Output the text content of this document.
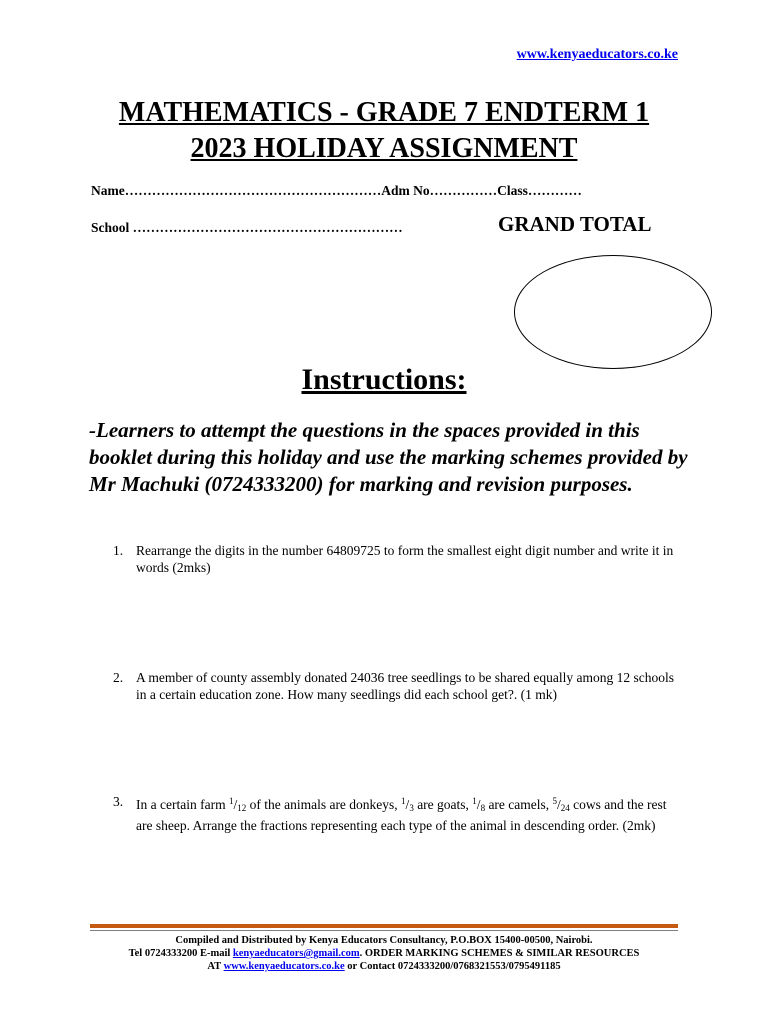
www.kenyaeducators.co.ke
MATHEMATICS - GRADE 7 ENDTERM 1
2023 HOLIDAY ASSIGNMENT
Name…………………………………………………Adm No……………Class…………
School ……………………………………………………	GRAND TOTAL
Instructions:
-Learners to attempt the questions in the spaces provided in this booklet during this holiday and use the marking schemes provided by Mr Machuki (0724333200) for marking and revision purposes.
1. Rearrange the digits in the number 64809725 to form the smallest eight digit number and write it in words (2mks)
2. A member of county assembly donated 24036 tree seedlings to be shared equally among 12 schools in a certain education zone. How many seedlings did each school get?. (1 mk)
3. In a certain farm $^1/_{12}$ of the animals are donkeys, $^1/_3$ are goats, $^1/_8$ are camels, $^5/_{24}$ cows and the rest are sheep. Arrange the fractions representing each type of the animal in descending order. (2mk)
Compiled and Distributed by Kenya Educators Consultancy, P.O.BOX 15400-00500, Nairobi.
Tel 0724333200 E-mail kenyaeducators@gmail.com. ORDER MARKING SCHEMES & SIMILAR RESOURCES
AT www.kenyaeducators.co.ke or Contact 0724333200/0768321553/0795491185
